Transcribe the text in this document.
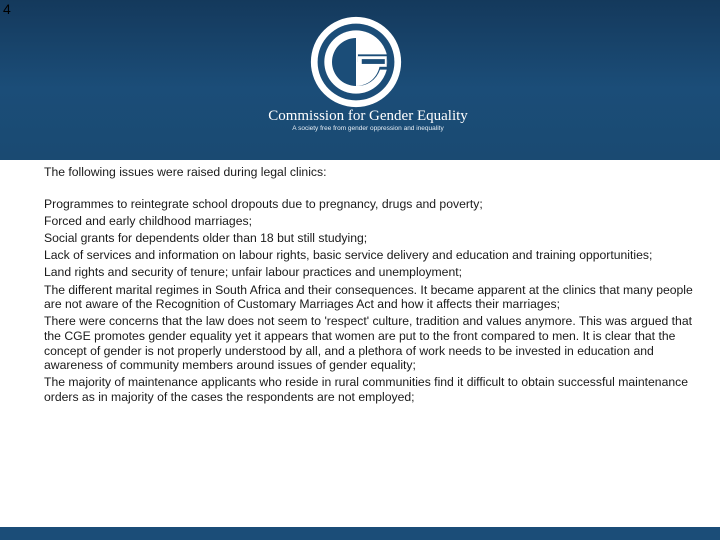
Commission for Gender Equality
A society free from gender oppression and inequality
4

The following issues were raised during legal clinics:

Programmes to reintegrate school dropouts due to pregnancy, drugs and poverty;
Forced and early childhood marriages;
Social grants for dependents older than 18 but still studying;
Lack of services and information on labour rights, basic service delivery and education and training opportunities;
Land rights and security of tenure; unfair labour practices and unemployment;
The different marital regimes in South Africa and their consequences. It became apparent at the clinics that many people are not aware of the Recognition of Customary Marriages Act and how it affects their marriages;
There were concerns that the law does not seem to 'respect' culture, tradition and values anymore. This was argued that the CGE promotes gender equality yet it appears that women are put to the front compared to men. It is clear that the concept of gender is not properly understood by all, and a plethora of work needs to be invested in education and awareness of community members around issues of gender equality;
The majority of maintenance applicants who reside in rural communities find it difficult to obtain successful maintenance orders as in majority of the cases the respondents are not employed;
